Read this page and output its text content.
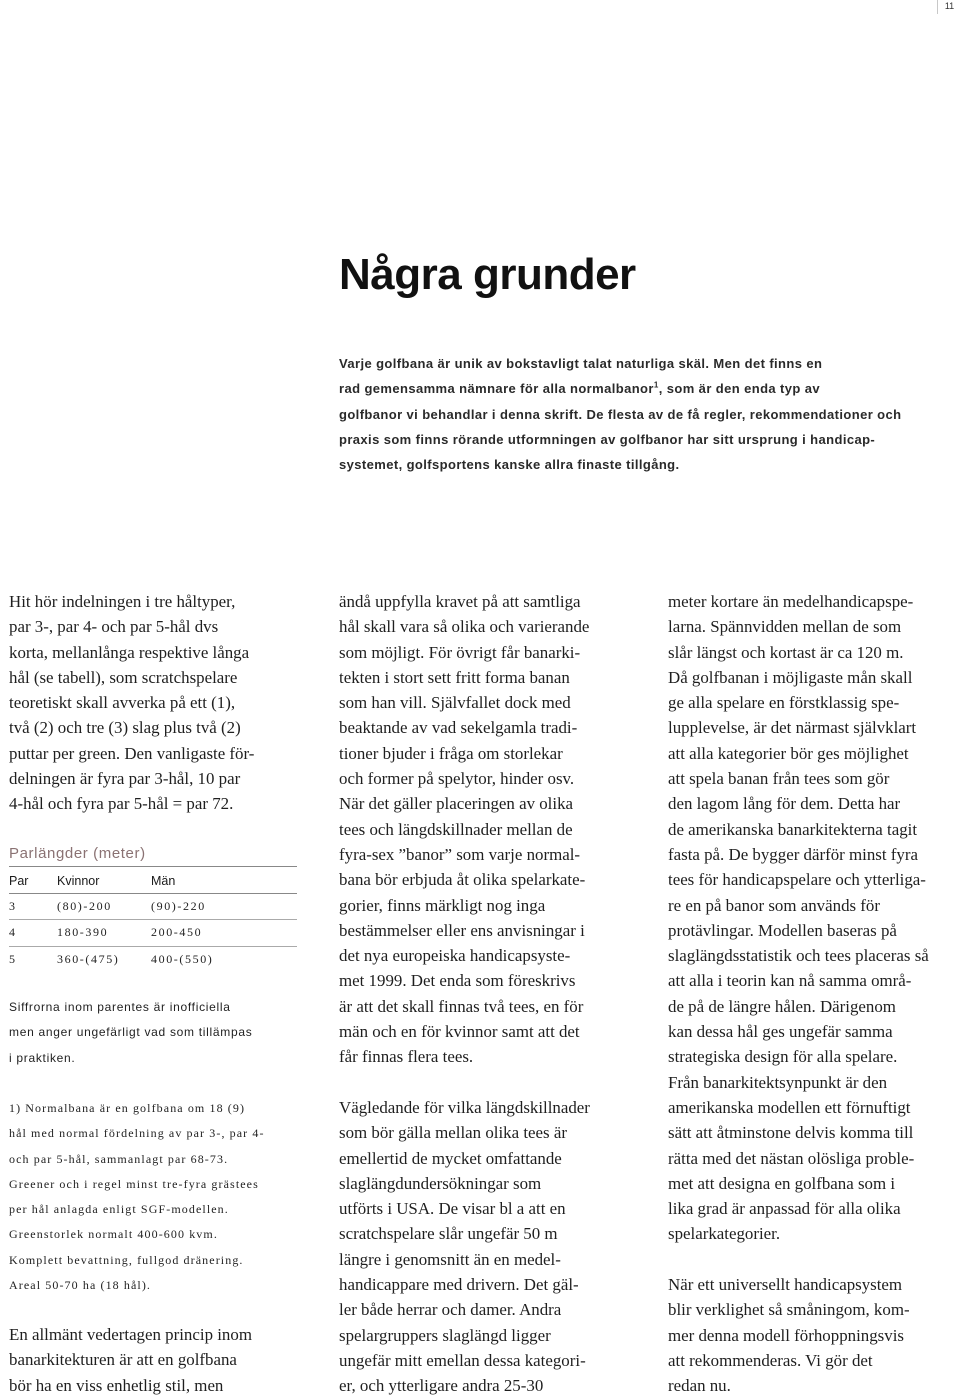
11
Några grunder
Varje golfbana är unik av bokstavligt talat naturliga skäl. Men det finns en
rad gemensamma nämnare för alla normalbanor$^1$, som är den enda typ av
golfbanor vi behandlar i denna skrift. De flesta av de få regler, rekommendationer och
praxis som finns rörande utformningen av golfbanor har sitt ursprung i handicap-
systemet, golfsportens kanske allra finaste tillgång.
Hit hör indelningen i tre håltyper,
par 3-, par 4- och par 5-hål dvs
korta, mellanlånga respektive långa
hål (se tabell), som scratchspelare
teoretiskt skall avverka på ett (1),
två (2) och tre (3) slag plus två (2)
puttar per green. Den vanligaste för-
delningen är fyra par 3-hål, 10 par
4-hål och fyra par 5-hål = par 72.
Parlängder (meter)
Par	Kvinnor	Män
3	(80)-200	(90)-220
4	180-390	200-450
5	360-(475)	400-(550)
Siffrorna inom parentes är inofficiella
men anger ungefärligt vad som tillämpas
i praktiken.
1) Normalbana är en golfbana om 18 (9)
hål med normal fördelning av par 3-, par 4-
och par 5-hål, sammanlagt par 68-73.
Greener och i regel minst tre-fyra grästees
per hål anlagda enligt SGF-modellen.
Greenstorlek normalt 400-600 kvm.
Komplett bevattning, fullgod dränering.
Areal 50-70 ha (18 hål).
En allmänt vedertagen princip inom
banarkitekturen är att en golfbana
bör ha en viss enhetlig stil, men

ändå uppfylla kravet på att samtliga
hål skall vara så olika och varierande
som möjligt. För övrigt får banarki-
tekten i stort sett fritt forma banan
som han vill. Självfallet dock med
beaktande av vad sekelgamla tradi-
tioner bjuder i fråga om storlekar
och former på spelytor, hinder osv.
När det gäller placeringen av olika
tees och längdskillnader mellan de
fyra-sex ”banor” som varje normal-
bana bör erbjuda åt olika spelarkate-
gorier, finns märkligt nog inga
bestämmelser eller ens anvisningar i
det nya europeiska handicapsyste-
met 1999. Det enda som föreskrivs
är att det skall finnas två tees, en för
män och en för kvinnor samt att det
får finnas flera tees.

Vägledande för vilka längdskillnader
som bör gälla mellan olika tees är
emellertid de mycket omfattande
slaglängdundersökningar som
utförts i USA. De visar bl a att en
scratchspelare slår ungefär 50 m
längre i genomsnitt än en medel-
handicappare med drivern. Det gäl-
ler både herrar och damer. Andra
spelargruppers slaglängd ligger
ungefär mitt emellan dessa kategori-
er, och ytterligare andra 25-30

meter kortare än medelhandicapspe-
larna. Spännvidden mellan de som
slår längst och kortast är ca 120 m.
Då golfbanan i möjligaste mån skall
ge alla spelare en förstklassig spe-
lupplevelse, är det närmast självklart
att alla kategorier bör ges möjlighet
att spela banan från tees som gör
den lagom lång för dem. Detta har
de amerikanska banarkitekterna tagit
fasta på. De bygger därför minst fyra
tees för handicapspelare och ytterliga-
re en på banor som används för
protävlingar. Modellen baseras på
slaglängdsstatistik och tees placeras så
att alla i teorin kan nå samma områ-
de på de längre hålen. Därigenom
kan dessa hål ges ungefär samma
strategiska design för alla spelare.
Från banarkitektsynpunkt är den
amerikanska modellen ett förnuftigt
sätt att åtminstone delvis komma till
rätta med det nästan olösliga proble-
met att designa en golfbana som i
lika grad är anpassad för alla olika
spelarkategorier.

När ett universellt handicapsystem
blir verklighet så småningom, kom-
mer denna modell förhoppningsvis
att rekommenderas. Vi gör det
redan nu.
